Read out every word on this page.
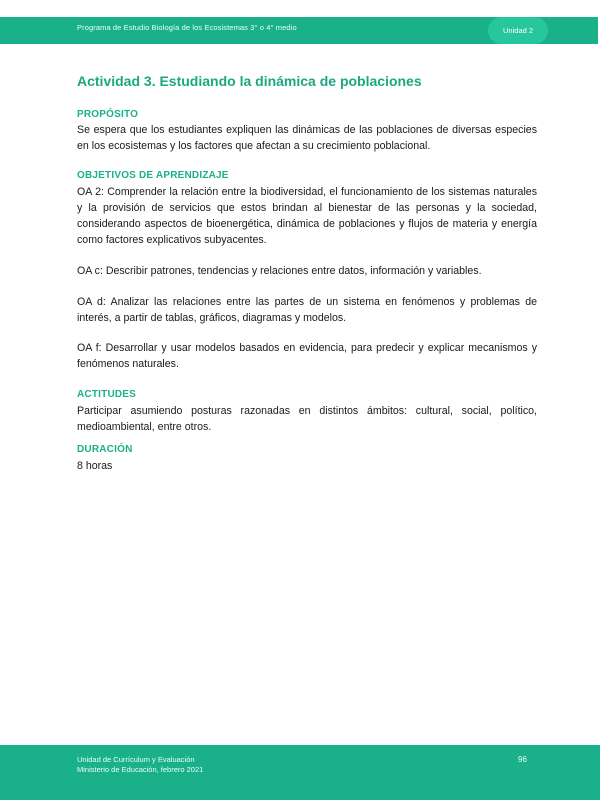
Programa de Estudio Biología de los Ecosistemas 3° o 4° medio	Unidad 2
Actividad 3. Estudiando la dinámica de poblaciones
PROPÓSITO
Se espera que los estudiantes expliquen las dinámicas de las poblaciones de diversas especies en los ecosistemas y los factores que afectan a su crecimiento poblacional.
OBJETIVOS DE APRENDIZAJE
OA 2: Comprender la relación entre la biodiversidad, el funcionamiento de los sistemas naturales y la provisión de servicios que estos brindan al bienestar de las personas y la sociedad, considerando aspectos de bioenergética, dinámica de poblaciones y flujos de materia y energía como factores explicativos subyacentes.
OA c: Describir patrones, tendencias y relaciones entre datos, información y variables.
OA d: Analizar las relaciones entre las partes de un sistema en fenómenos y problemas de interés, a partir de tablas, gráficos, diagramas y modelos.
OA f: Desarrollar y usar modelos basados en evidencia, para predecir y explicar mecanismos y fenómenos naturales.
ACTITUDES
Participar asumiendo posturas razonadas en distintos ámbitos: cultural, social, político, medioambiental, entre otros.
DURACIÓN
8 horas
Unidad de Currículum y Evaluación
Ministerio de Educación, febrero 2021
96
